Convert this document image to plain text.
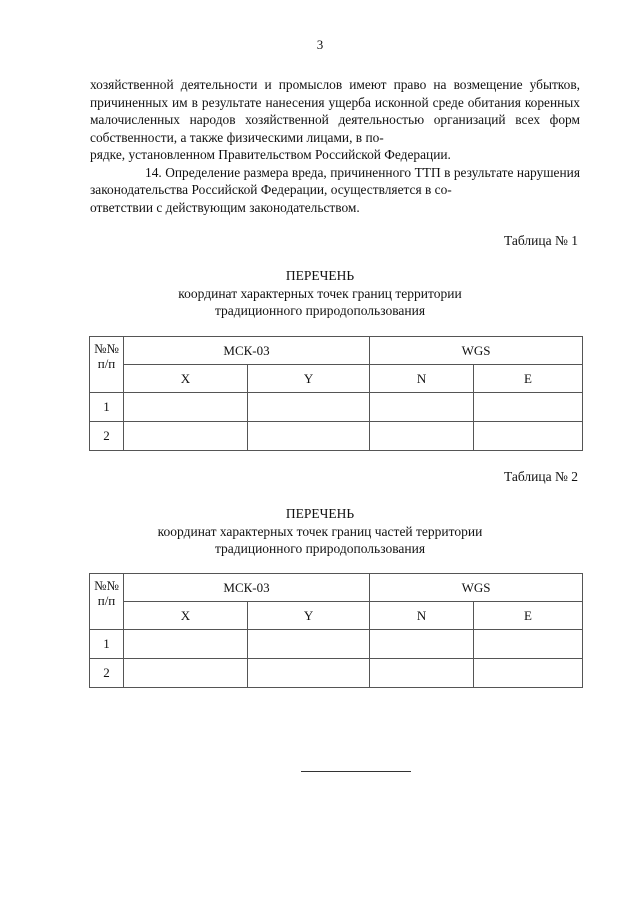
3

хозяйственной деятельности и промыслов имеют право на возмещение убытков, причиненных им в результате нанесения ущерба исконной среде обитания коренных малочисленных народов хозяйственной деятельностью организаций всех форм собственности, а также физическими лицами, в по-

рядке, установленном Правительством Российской Федерации.

14. Определение размера вреда, причиненного ТТП в результате нарушения законодательства Российской Федерации, осуществляется в со-

ответствии с действующим законодательством.

Таблица № 1
ПЕРЕЧЕНЬ
координат характерных точек границ территории
традиционного природопользования
№№
п/п	МСК-03		WGS	
	X	Y	N	E
1				
2				
Таблица № 2
ПЕРЕЧЕНЬ
координат характерных точек границ частей территории
традиционного природопользования
№№
п/п	МСК-03		WGS	
	X	Y	N	E
1				
2				
